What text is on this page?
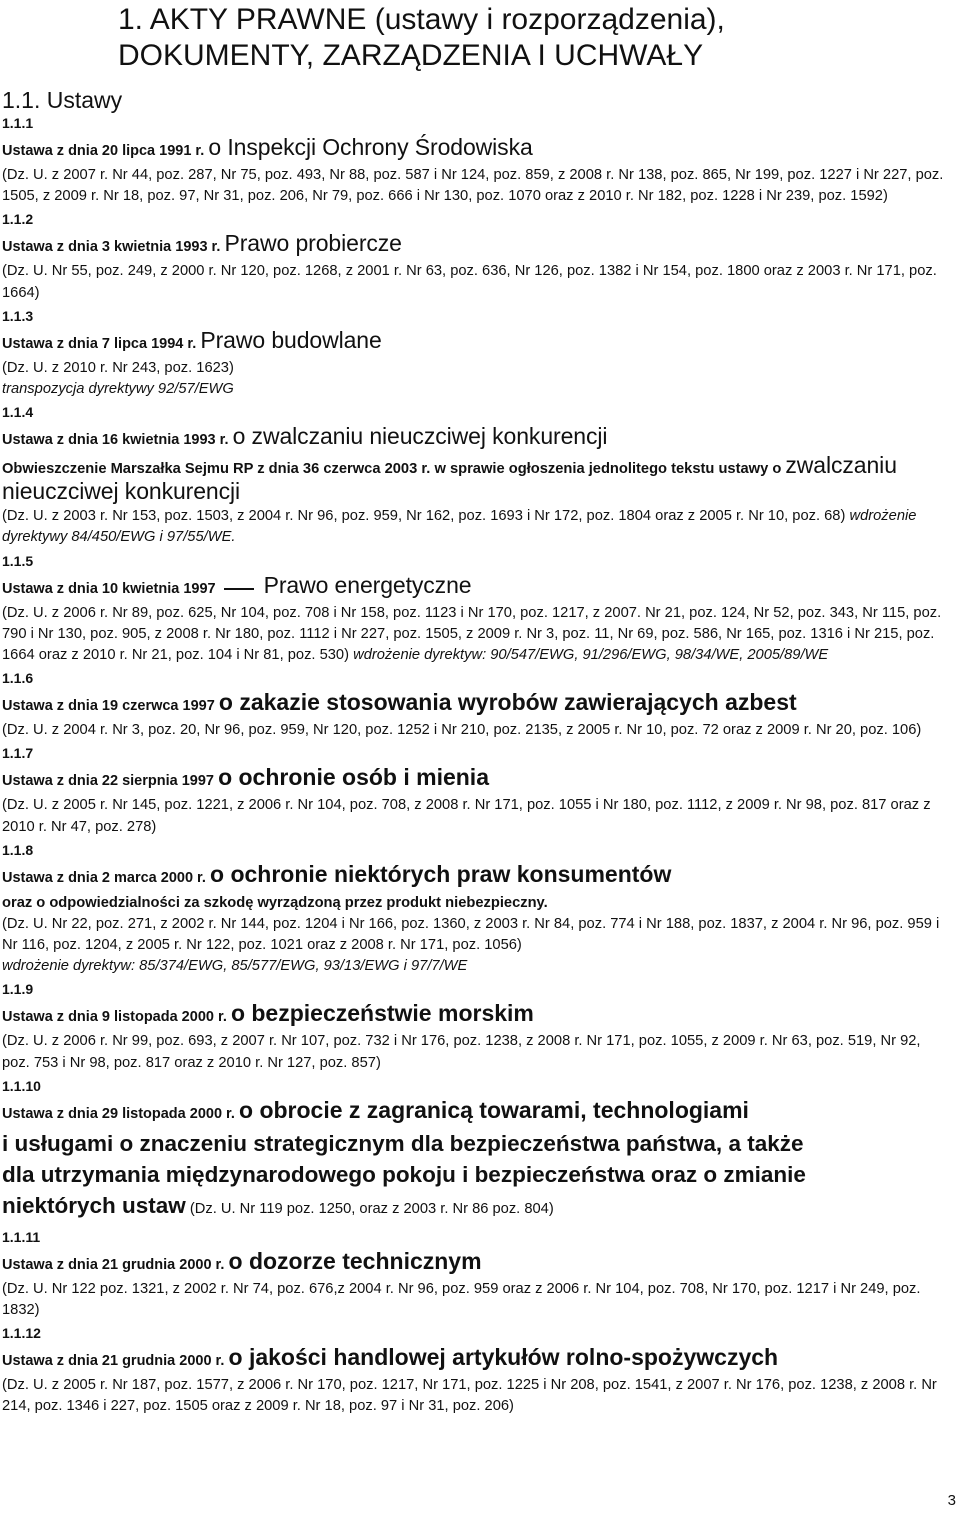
1. AKTY PRAWNE (ustawy i rozporządzenia),
DOKUMENTY, ZARZĄDZENIA I UCHWAŁY
1.1. Ustawy
1.1.1
Ustawa z dnia 20 lipca 1991 r. o Inspekcji Ochrony Środowiska
(Dz. U. z 2007 r. Nr 44, poz. 287, Nr 75, poz. 493, Nr 88, poz. 587 i Nr 124, poz. 859, z 2008 r. Nr 138, poz. 865, Nr 199, poz. 1227 i Nr 227, poz. 1505, z 2009 r. Nr 18, poz. 97, Nr 31, poz. 206, Nr 79, poz. 666 i Nr 130, poz. 1070 oraz z 2010 r. Nr 182, poz. 1228 i Nr 239, poz. 1592)
1.1.2
Ustawa z dnia 3 kwietnia 1993 r. Prawo probiercze
(Dz. U. Nr 55, poz. 249, z 2000 r. Nr 120, poz. 1268, z 2001 r. Nr 63, poz. 636, Nr 126, poz. 1382 i Nr 154, poz. 1800 oraz z 2003 r. Nr 171, poz. 1664)
1.1.3
Ustawa z dnia 7 lipca 1994 r. Prawo budowlane
(Dz. U. z 2010 r. Nr 243, poz. 1623)
transpozycja dyrektywy 92/57/EWG
1.1.4
Ustawa z dnia 16 kwietnia 1993 r. o zwalczaniu nieuczciwej konkurencji
Obwieszczenie Marszałka Sejmu RP z dnia 36 czerwca 2003 r. w sprawie ogłoszenia jednolitego tekstu ustawy o zwalczaniu nieuczciwej konkurencji
(Dz. U. z 2003 r. Nr 153, poz. 1503, z 2004 r. Nr 96, poz. 959, Nr 162, poz. 1693 i Nr 172, poz. 1804 oraz z 2005 r. Nr 10, poz. 68) wdrożenie dyrektywy 84/450/EWG i 97/55/WE.
1.1.5
Ustawa z dnia 10 kwietnia 1997 Prawo energetyczne
(Dz. U. z 2006 r. Nr 89, poz. 625, Nr 104, poz. 708 i Nr 158, poz. 1123 i Nr 170, poz. 1217, z 2007. Nr 21, poz. 124, Nr 52, poz. 343, Nr 115, poz. 790 i Nr 130, poz. 905, z 2008 r. Nr 180, poz. 1112 i Nr 227, poz. 1505, z 2009 r. Nr 3, poz. 11, Nr 69, poz. 586, Nr 165, poz. 1316 i Nr 215, poz. 1664 oraz z 2010 r. Nr 21, poz. 104 i Nr 81, poz. 530) wdrożenie dyrektyw: 90/547/EWG, 91/296/EWG, 98/34/WE, 2005/89/WE
1.1.6
Ustawa z dnia 19 czerwca 1997 o zakazie stosowania wyrobów zawierających azbest
(Dz. U. z 2004 r. Nr 3, poz. 20, Nr 96, poz. 959, Nr 120, poz. 1252 i Nr 210, poz. 2135, z 2005 r. Nr 10, poz. 72 oraz z 2009 r. Nr 20, poz. 106)
1.1.7
Ustawa z dnia 22 sierpnia 1997 o ochronie osób i mienia
(Dz. U. z 2005 r. Nr 145, poz. 1221, z 2006 r. Nr 104, poz. 708, z 2008 r. Nr 171, poz. 1055 i Nr 180, poz. 1112, z 2009 r. Nr 98, poz. 817 oraz z 2010 r. Nr 47, poz. 278)
1.1.8
Ustawa z dnia 2 marca 2000 r. o ochronie niektórych praw konsumentów
oraz o odpowiedzialności za szkodę wyrządzoną przez produkt niebezpieczny.
(Dz. U. Nr 22, poz. 271, z 2002 r. Nr 144, poz. 1204 i Nr 166, poz. 1360, z 2003 r. Nr 84, poz. 774 i Nr 188, poz. 1837, z 2004 r. Nr 96, poz. 959 i Nr 116, poz. 1204, z 2005 r. Nr 122, poz. 1021 oraz z 2008 r. Nr 171, poz. 1056)
wdrożenie dyrektyw: 85/374/EWG, 85/577/EWG, 93/13/EWG i 97/7/WE
1.1.9
Ustawa z dnia 9 listopada 2000 r. o bezpieczeństwie morskim
(Dz. U. z 2006 r. Nr 99, poz. 693, z 2007 r. Nr 107, poz. 732 i Nr 176, poz. 1238, z 2008 r. Nr 171, poz. 1055, z 2009 r. Nr 63, poz. 519, Nr 92, poz. 753 i Nr 98, poz. 817 oraz z 2010 r. Nr 127, poz. 857)
1.1.10
Ustawa z dnia 29 listopada 2000 r. o obrocie z zagranicą towarami, technologiami
i usługami o znaczeniu strategicznym dla bezpieczeństwa państwa, a także
dla utrzymania międzynarodowego pokoju i bezpieczeństwa oraz o zmianie
niektórych ustaw (Dz. U. Nr 119 poz. 1250, oraz z 2003 r. Nr 86 poz. 804)
1.1.11
Ustawa z dnia 21 grudnia 2000 r. o dozorze technicznym
(Dz. U. Nr 122 poz. 1321, z 2002 r. Nr 74, poz. 676,z 2004 r. Nr 96, poz. 959 oraz z 2006 r. Nr 104, poz. 708, Nr 170, poz. 1217 i Nr 249, poz. 1832)
1.1.12
Ustawa z dnia 21 grudnia 2000 r. o jakości handlowej artykułów rolno-spożywczych
(Dz. U. z 2005 r. Nr 187, poz. 1577, z 2006 r. Nr 170, poz. 1217, Nr 171, poz. 1225 i Nr 208, poz. 1541, z 2007 r. Nr 176, poz. 1238, z 2008 r. Nr 214, poz. 1346 i 227, poz. 1505 oraz z 2009 r. Nr 18, poz. 97 i Nr 31, poz. 206)
3
